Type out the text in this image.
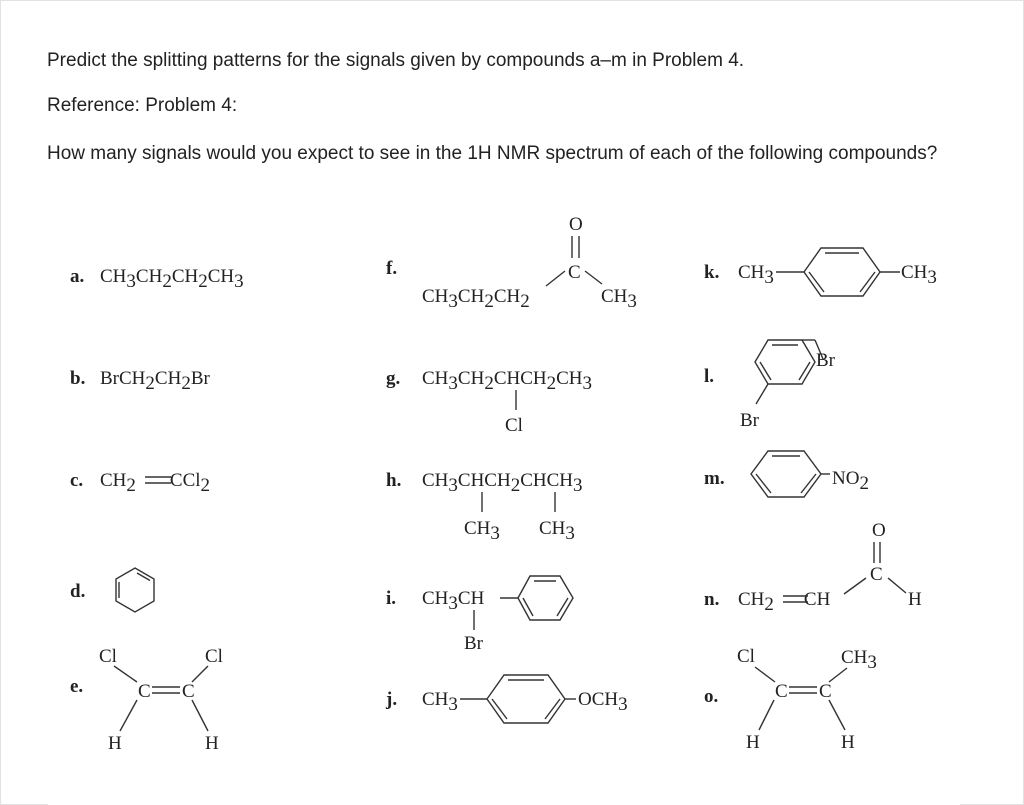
Predict the splitting patterns for the signals given by compounds a–m in Problem 4.

Reference: Problem 4:

How many signals would you expect to see in the 1H NMR spectrum of each of the following compounds?

a. CH3CH2CH2CH3
b. BrCH2CH2Br
c. CH2 CCl2
d.
e.
Cl	Cl
H	H
C C
f.
O
C
CH3CH2CH2	CH3
g. CH3CH2CHCH2CH3
Cl
h. CH3CHCH2CHCH3
CH3 CH3
i. CH3CH
Br
j. CH3	OCH3
k. CH3	CH3
l.
Br
Br
m.	NO2
n. CH2 CH
O
C
H
o.
Cl	CH3
H	H
C C
